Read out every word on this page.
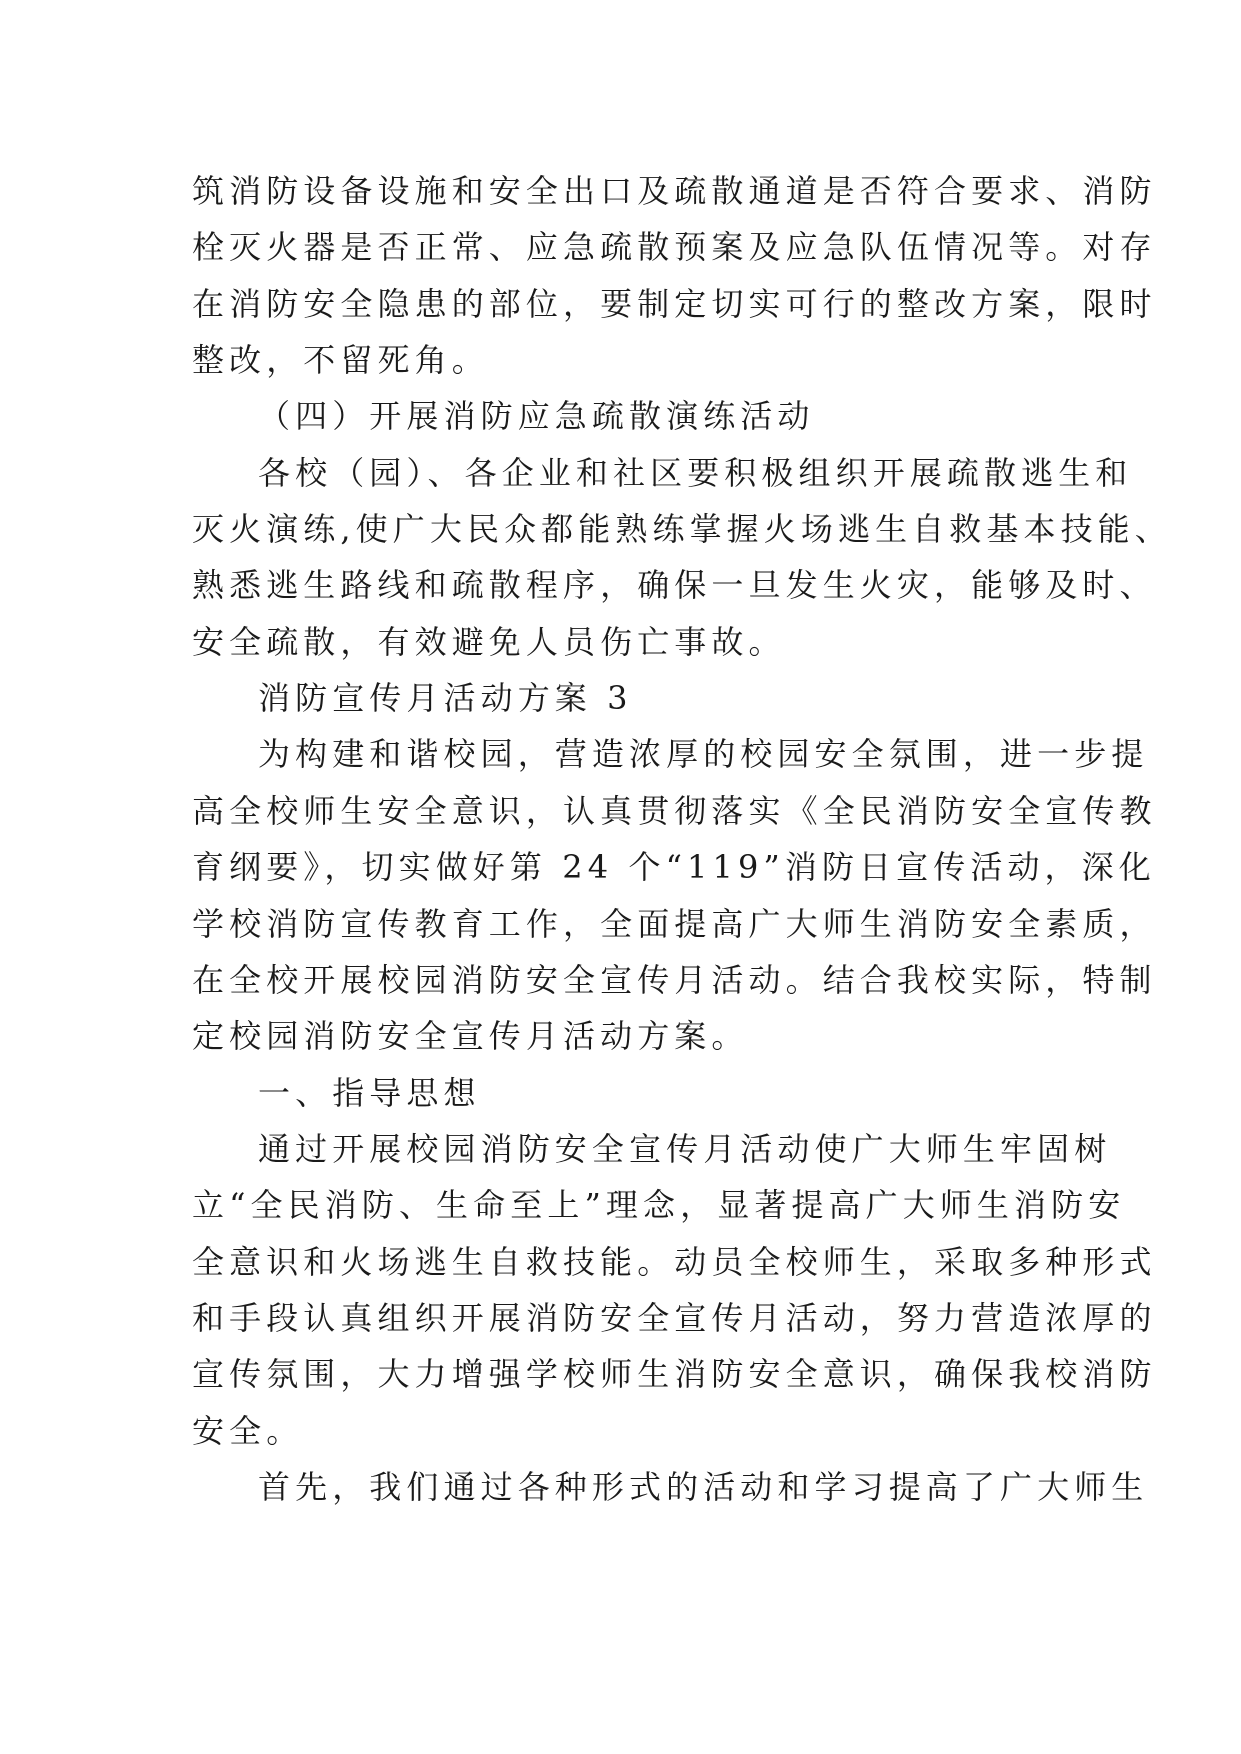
筑消防设备设施和安全出口及疏散通道是否符合要求、消防
栓灭火器是否正常、应急疏散预案及应急队伍情况等。对存
在消防安全隐患的部位，要制定切实可行的整改方案，限时
整改，不留死角。
（四）开展消防应急疏散演练活动
各校（园）、各企业和社区要积极组织开展疏散逃生和
灭火演练,使广大民众都能熟练掌握火场逃生自救基本技能、
熟悉逃生路线和疏散程序，确保一旦发生火灾，能够及时、
安全疏散，有效避免人员伤亡事故。
消防宣传月活动方案 3
为构建和谐校园，营造浓厚的校园安全氛围，进一步提
高全校师生安全意识，认真贯彻落实《全民消防安全宣传教
育纲要》，切实做好第 24 个“119”消防日宣传活动，深化
学校消防宣传教育工作，全面提高广大师生消防安全素质，
在全校开展校园消防安全宣传月活动。结合我校实际，特制
定校园消防安全宣传月活动方案。
一、指导思想
通过开展校园消防安全宣传月活动使广大师生牢固树
立“全民消防、生命至上”理念，显著提高广大师生消防安
全意识和火场逃生自救技能。动员全校师生，采取多种形式
和手段认真组织开展消防安全宣传月活动，努力营造浓厚的
宣传氛围，大力增强学校师生消防安全意识，确保我校消防
安全。
首先，我们通过各种形式的活动和学习提高了广大师生
